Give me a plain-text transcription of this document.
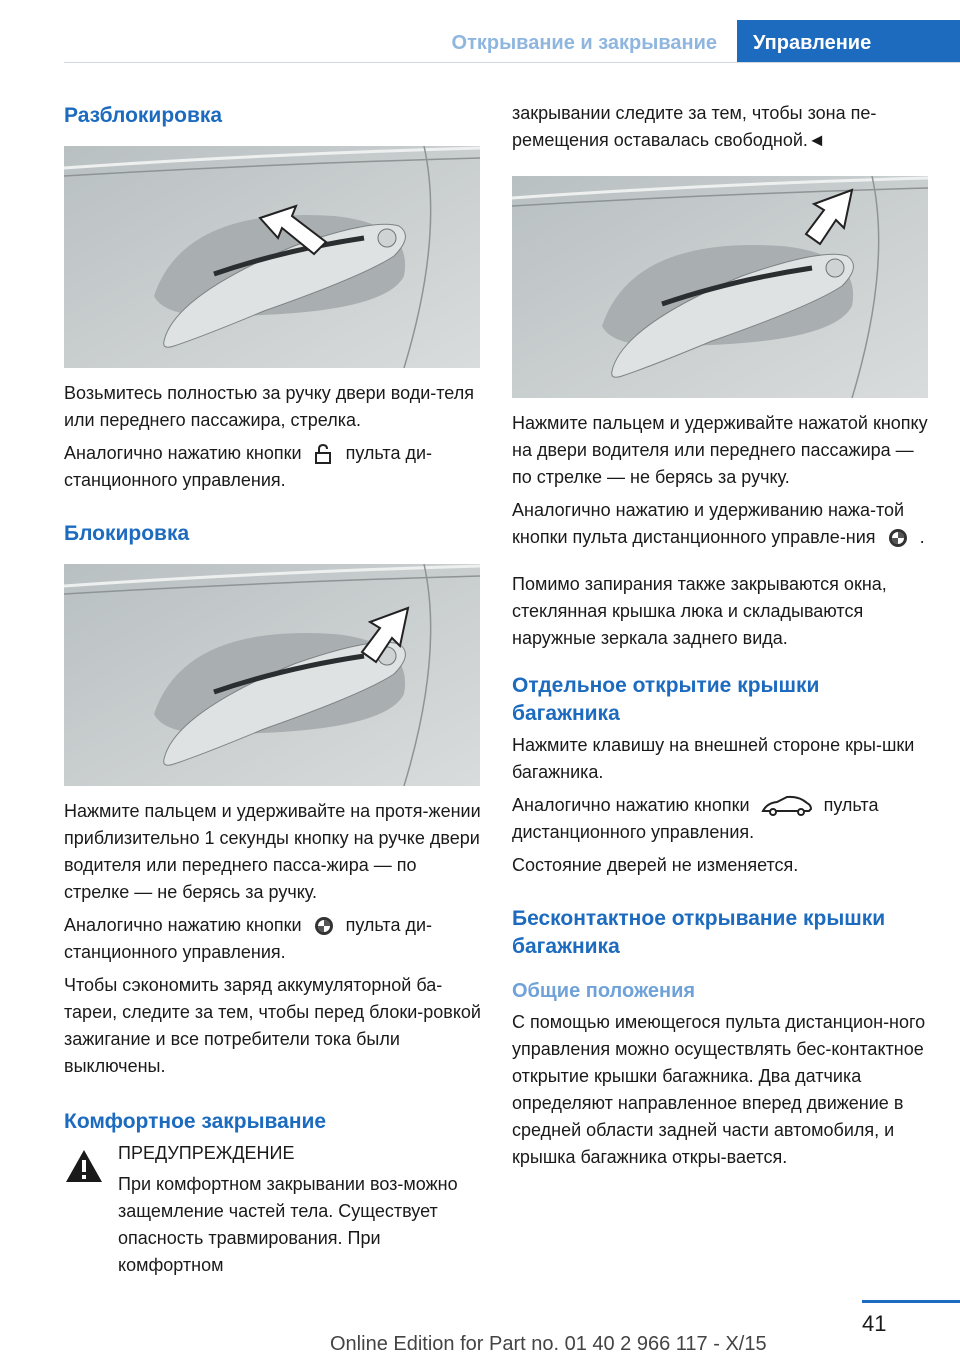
Открывание и закрывание	Управление
Разблокировка

Возьмитесь полностью за ручку двери води‐теля или переднего пассажира, стрелка.

Аналогично нажатию кнопки пульта ди‐станционного управления.

Блокировка

Нажмите пальцем и удерживайте на протя‐жении приблизительно 1 секунды кнопку на ручке двери водителя или переднего пасса‐жира — по стрелке — не берясь за ручку.

Аналогично нажатию кнопки пульта ди‐станционного управления.

Чтобы сэкономить заряд аккумуляторной ба‐тареи, следите за тем, чтобы перед блоки‐ровкой зажигание и все потребители тока были выключены.

Комфортное закрывание

ПРЕДУПРЕЖДЕНИЕ

При комфортном закрывании воз‐можно защемление частей тела. Существует опасность травмирования. При комфортном

закрывании следите за тем, чтобы зона пе‐ремещения оставалась свободной.◄

Нажмите пальцем и удерживайте нажатой кнопку на двери водителя или переднего пассажира — по стрелке — не берясь за ручку.

Аналогично нажатию и удерживанию нажа‐той кнопки пульта дистанционного управле‐ния .

Помимо запирания также закрываются окна, стеклянная крышка люка и складываются наружные зеркала заднего вида.

Отдельное открытие крышки багажника

Нажмите клавишу на внешней стороне кры‐шки багажника.

Аналогично нажатию кнопки	пульта дистанционного управления.

Состояние дверей не изменяется.

Бесконтактное открывание крышки багажника
Общие положения

С помощью имеющегося пульта дистанцион‐ного управления можно осуществлять бес‐контактное открытие крышки багажника. Два датчика определяют направленное вперед движение в средней области задней части автомобиля, и крышка багажника откры‐вается.

41
Online Edition for Part no. 01 40 2 966 117 - X/15
